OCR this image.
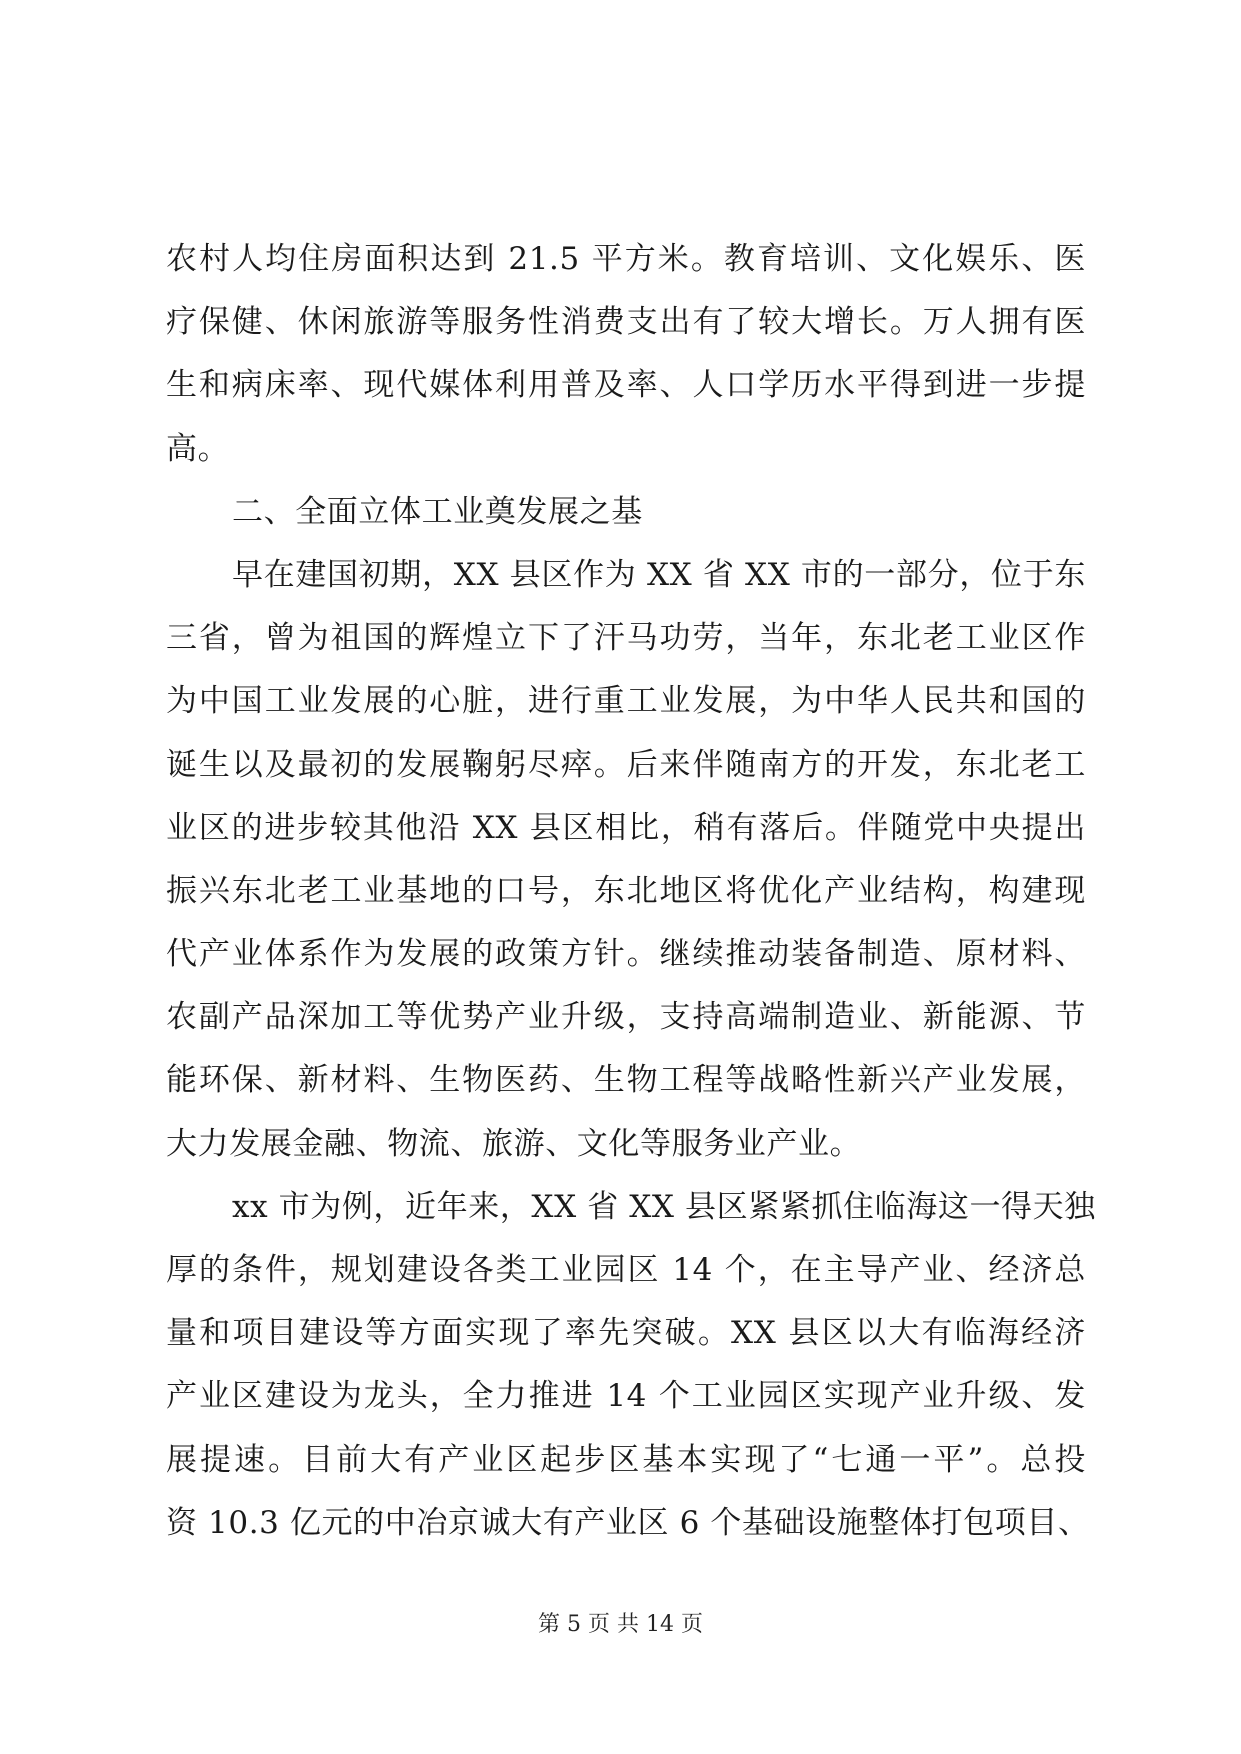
农村人均住房面积达到 21.5 平方米。教育培训、文化娱乐、医
疗保健、休闲旅游等服务性消费支出有了较大增长。万人拥有医
生和病床率、现代媒体利用普及率、人口学历水平得到进一步提
高。
二、全面立体工业奠发展之基
早在建国初期，XX 县区作为 XX 省 XX 市的一部分，位于东
三省，曾为祖国的辉煌立下了汗马功劳，当年，东北老工业区作
为中国工业发展的心脏，进行重工业发展，为中华人民共和国的
诞生以及最初的发展鞠躬尽瘁。后来伴随南方的开发，东北老工
业区的进步较其他沿 XX 县区相比，稍有落后。伴随党中央提出
振兴东北老工业基地的口号，东北地区将优化产业结构，构建现
代产业体系作为发展的政策方针。继续推动装备制造、原材料、
农副产品深加工等优势产业升级，支持高端制造业、新能源、节
能环保、新材料、生物医药、生物工程等战略性新兴产业发展，
大力发展金融、物流、旅游、文化等服务业产业。
xx 市为例，近年来，XX 省 XX 县区紧紧抓住临海这一得天独
厚的条件，规划建设各类工业园区 14 个，在主导产业、经济总
量和项目建设等方面实现了率先突破。XX 县区以大有临海经济
产业区建设为龙头，全力推进 14 个工业园区实现产业升级、发
展提速。目前大有产业区起步区基本实现了“七通一平”。总投
资 10.3 亿元的中冶京诚大有产业区 6 个基础设施整体打包项目、
第 5 页 共 14 页
